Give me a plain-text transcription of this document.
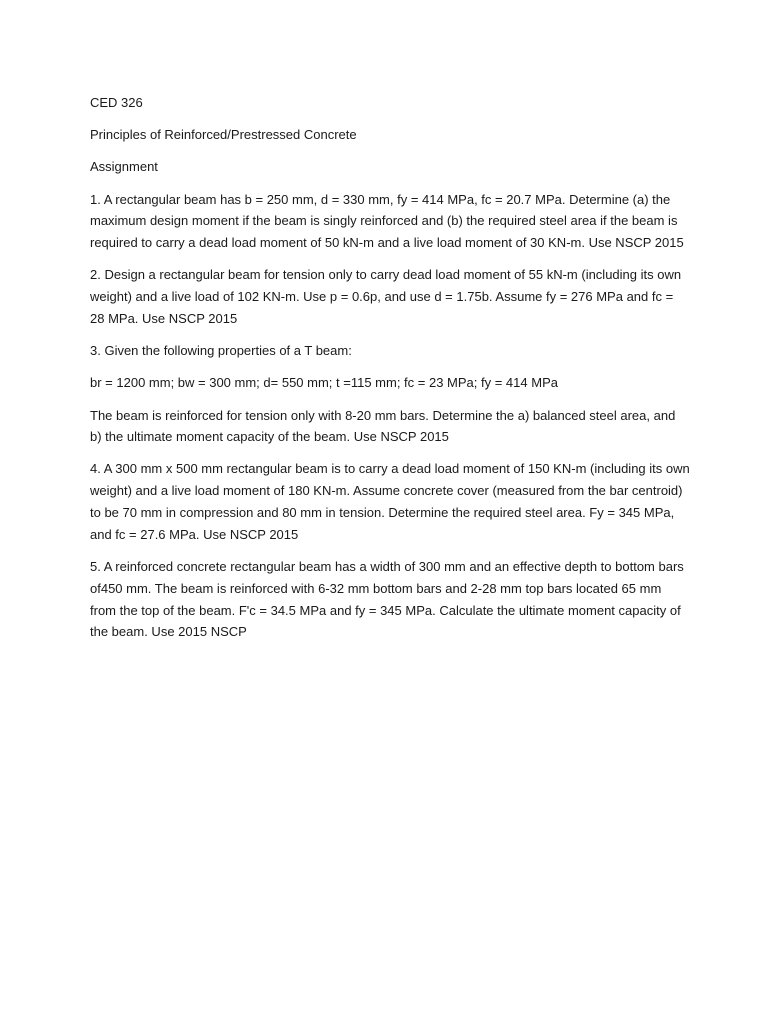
CED 326

Principles of Reinforced/Prestressed Concrete

Assignment

1. A rectangular beam has b = 250 mm, d = 330 mm, fy = 414 MPa, fc = 20.7 MPa. Determine (a) the maximum design moment if the beam is singly reinforced and (b) the required steel area if the beam is required to carry a dead load moment of 50 kN-m and a live load moment of 30 KN-m. Use NSCP 2015

2. Design a rectangular beam for tension only to carry dead load moment of 55 kN-m (including its own weight) and a live load of 102 KN-m. Use p = 0.6p, and use d = 1.75b. Assume fy = 276 MPa and fc = 28 MPa. Use NSCP 2015

3. Given the following properties of a T beam:

br = 1200 mm; bw = 300 mm; d= 550 mm; t =115 mm; fc = 23 MPa; fy = 414 MPa

The beam is reinforced for tension only with 8-20 mm bars. Determine the a) balanced steel area, and b) the ultimate moment capacity of the beam. Use NSCP 2015

4. A 300 mm x 500 mm rectangular beam is to carry a dead load moment of 150 KN-m (including its own weight) and a live load moment of 180 KN-m. Assume concrete cover (measured from the bar centroid) to be 70 mm in compression and 80 mm in tension. Determine the required steel area. Fy = 345 MPa, and fc = 27.6 MPa. Use NSCP 2015

5. A reinforced concrete rectangular beam has a width of 300 mm and an effective depth to bottom bars of450 mm. The beam is reinforced with 6-32 mm bottom bars and 2-28 mm top bars located 65 mm from the top of the beam. F'c = 34.5 MPa and fy = 345 MPa. Calculate the ultimate moment capacity of the beam. Use 2015 NSCP
